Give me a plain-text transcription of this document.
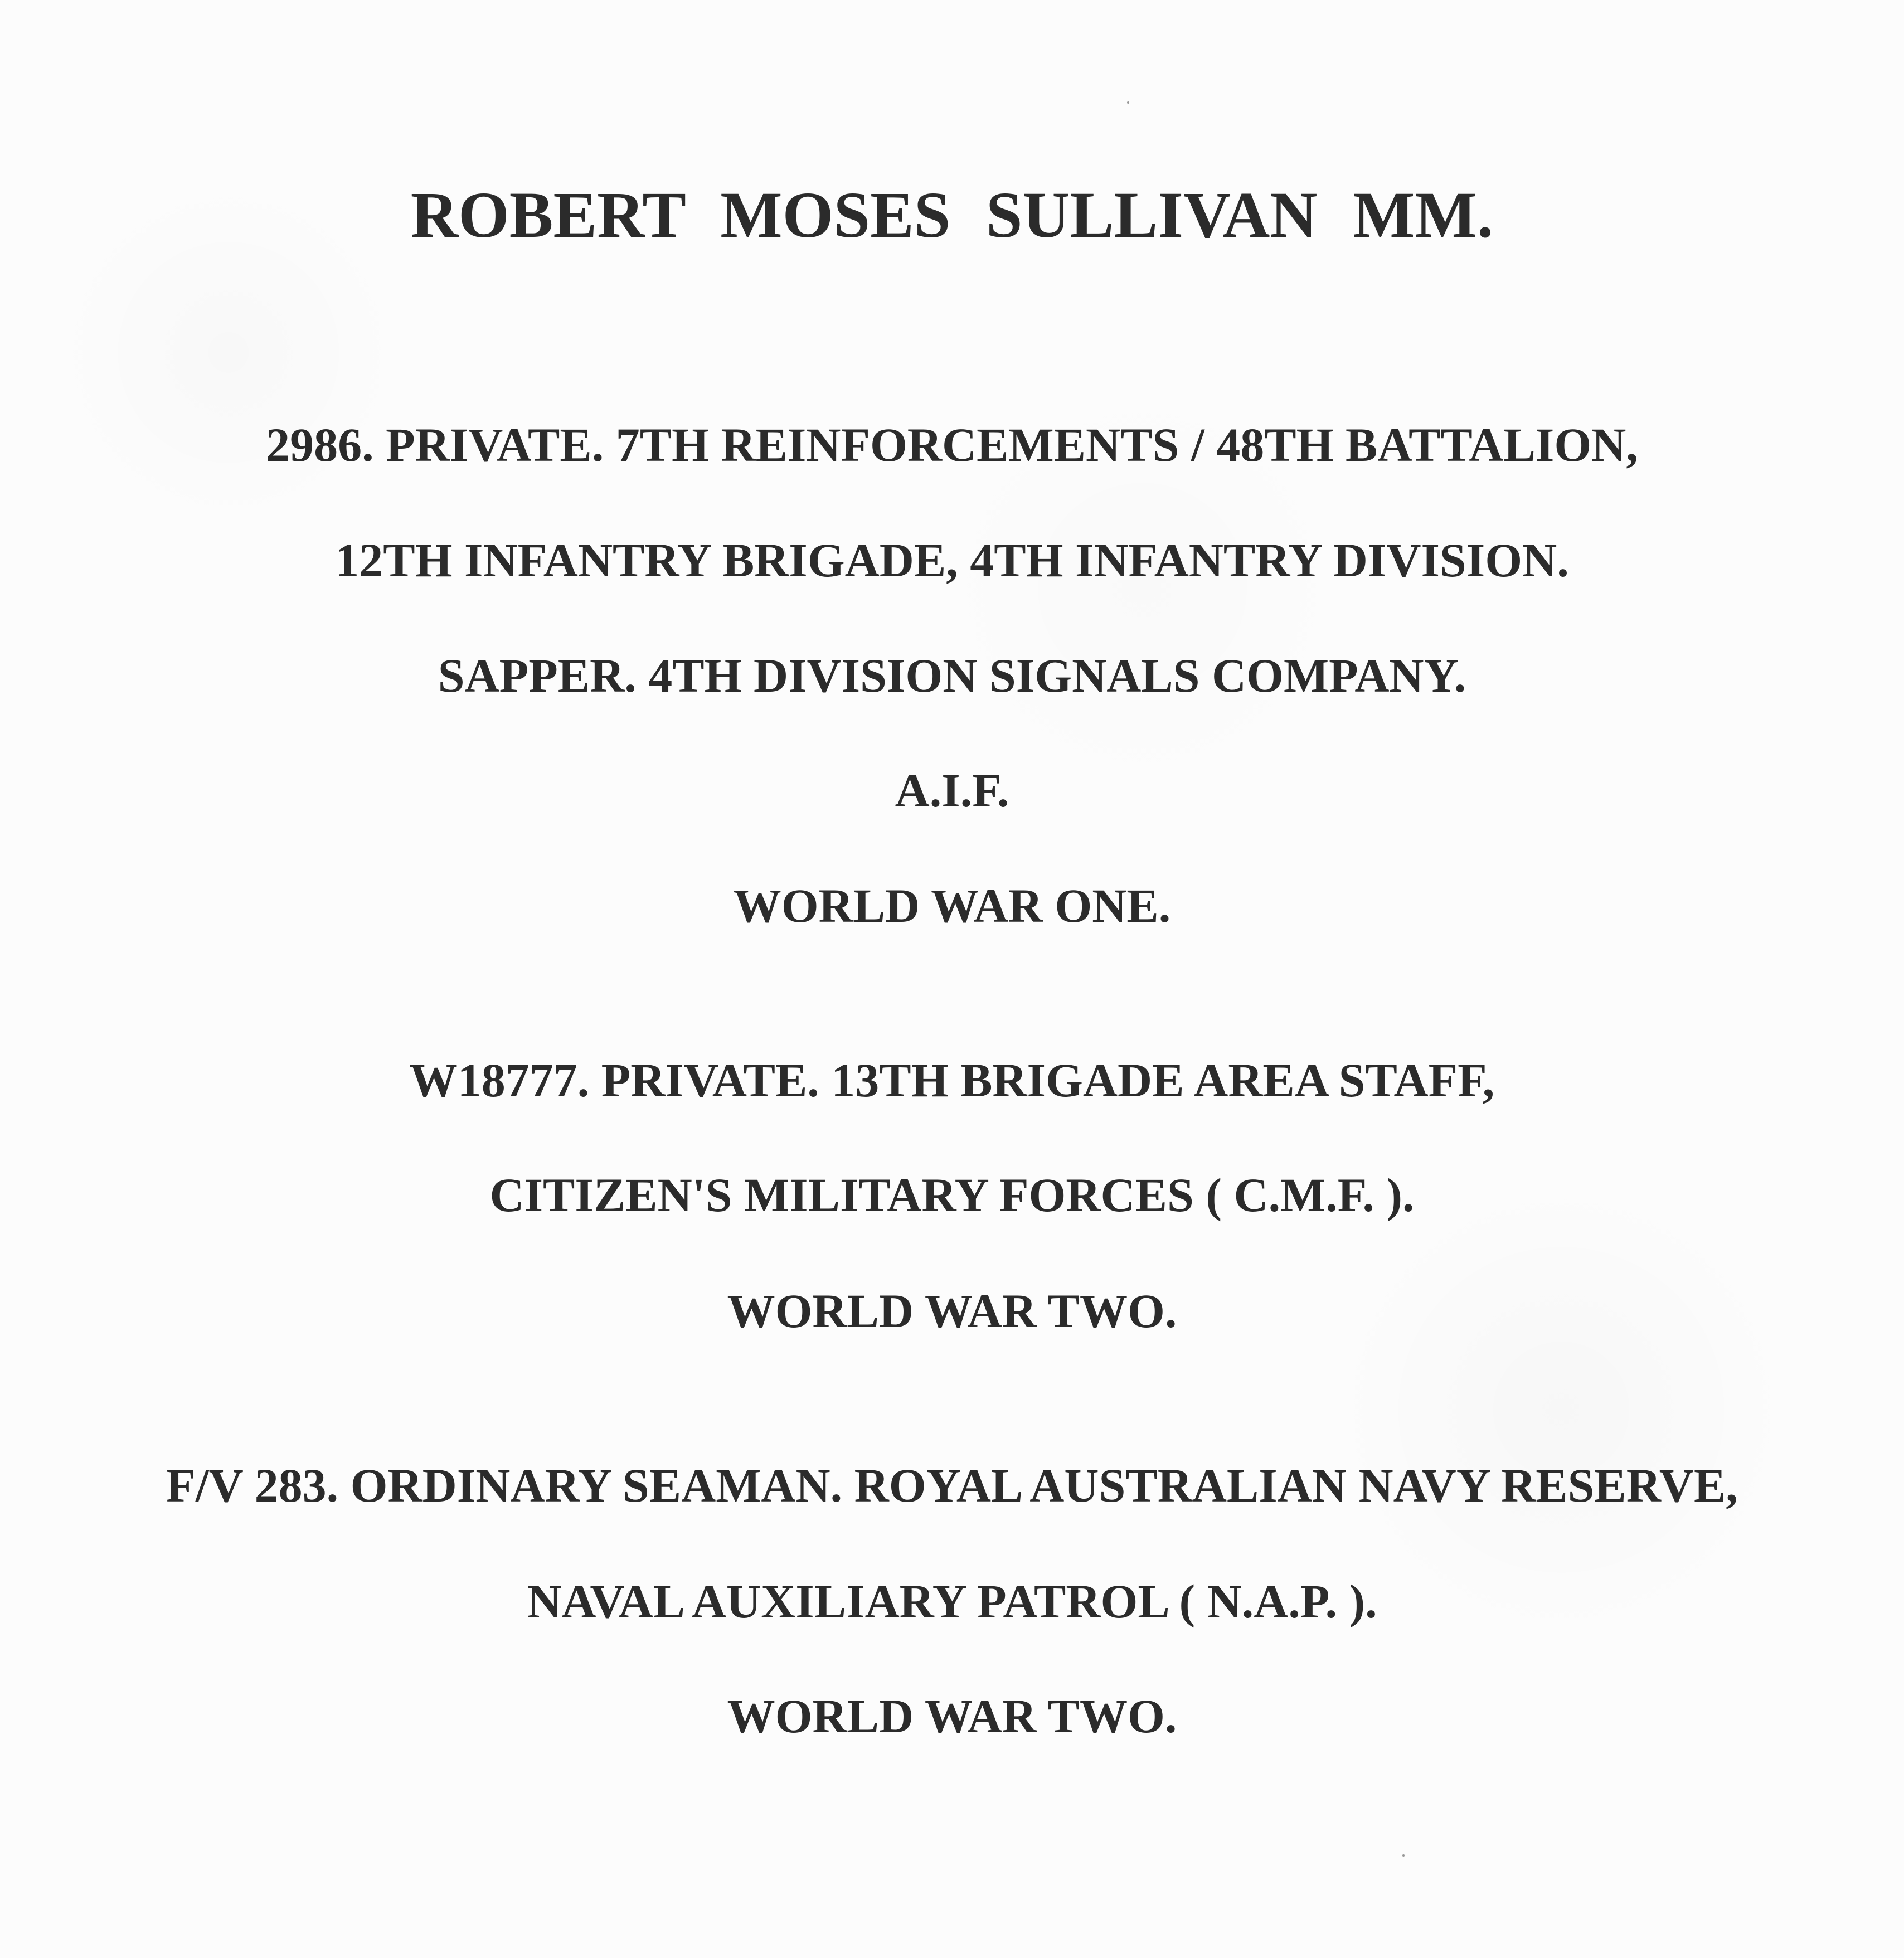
ROBERT MOSES SULLIVAN MM.
2986. PRIVATE. 7TH REINFORCEMENTS / 48TH BATTALION,
12TH INFANTRY BRIGADE, 4TH INFANTRY DIVISION.
SAPPER. 4TH DIVISION SIGNALS COMPANY.
A.I.F.
WORLD WAR ONE.
W18777. PRIVATE. 13TH BRIGADE AREA STAFF,
CITIZEN'S MILITARY FORCES ( C.M.F. ).
WORLD WAR TWO.
F/V 283. ORDINARY SEAMAN. ROYAL AUSTRALIAN NAVY RESERVE,
NAVAL AUXILIARY PATROL ( N.A.P. ).
WORLD WAR TWO.
